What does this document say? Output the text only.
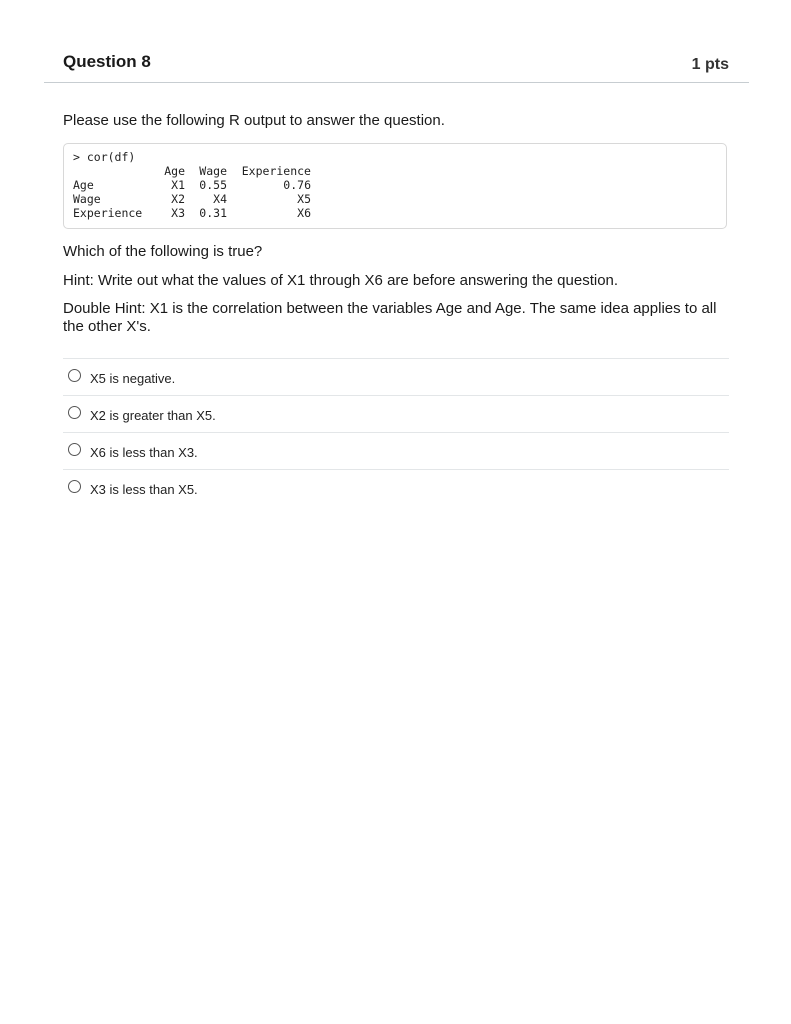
Question 8	1 pts

Please use the following R output to answer the question.

> cor(df)
	Age	Wage	Experience
Age	X1	0.55	0.76
Wage	X2	X4	X5
Experience	X3	0.31	X6

Which of the following is true?

Hint: Write out what the values of X1 through X6 are before answering the question.

Double Hint: X1 is the correlation between the variables Age and Age. The same idea applies to all the other X's.

X5 is negative.
X2 is greater than X5.
X6 is less than X3.
X3 is less than X5.
